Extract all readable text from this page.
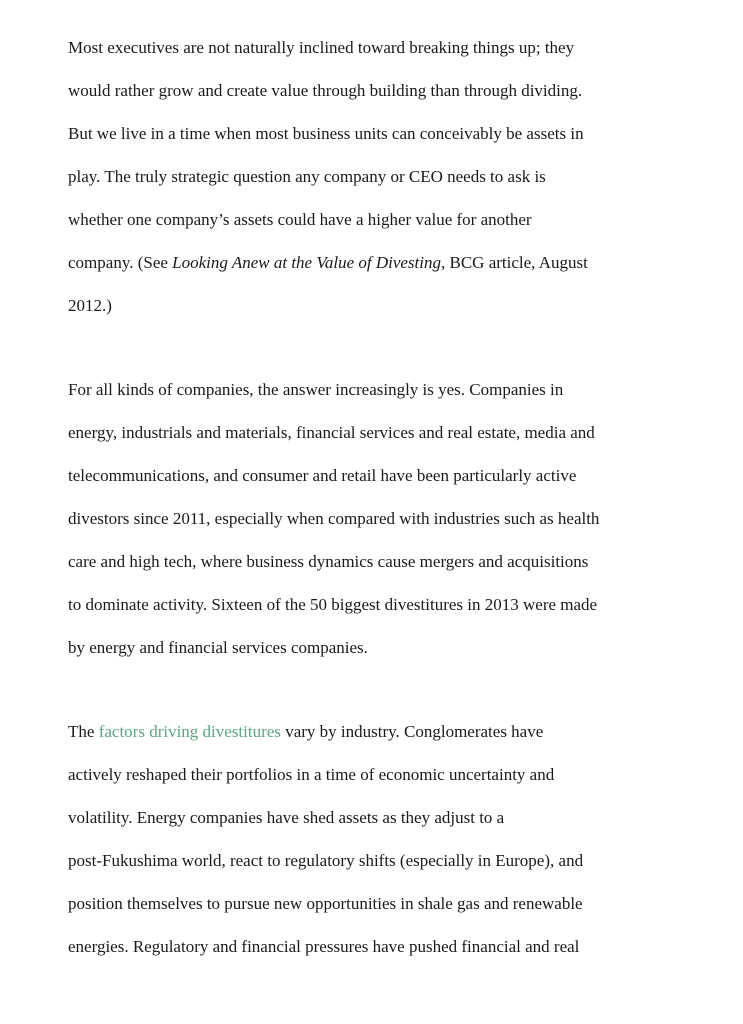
Most executives are not naturally inclined toward breaking things up; they
would rather grow and create value through building than through dividing.
But we live in a time when most business units can conceivably be assets in
play. The truly strategic question any company or CEO needs to ask is
whether one company’s assets could have a higher value for another
company. (See Looking Anew at the Value of Divesting, BCG article, August
2012.)
For all kinds of companies, the answer increasingly is yes. Companies in
energy, industrials and materials, financial services and real estate, media and
telecommunications, and consumer and retail have been particularly active
divestors since 2011, especially when compared with industries such as health
care and high tech, where business dynamics cause mergers and acquisitions
to dominate activity. Sixteen of the 50 biggest divestitures in 2013 were made
by energy and financial services companies.
The factors driving divestitures vary by industry. Conglomerates have
actively reshaped their portfolios in a time of economic uncertainty and
volatility. Energy companies have shed assets as they adjust to a
post-Fukushima world, react to regulatory shifts (especially in Europe), and
position themselves to pursue new opportunities in shale gas and renewable
energies. Regulatory and financial pressures have pushed financial and real
